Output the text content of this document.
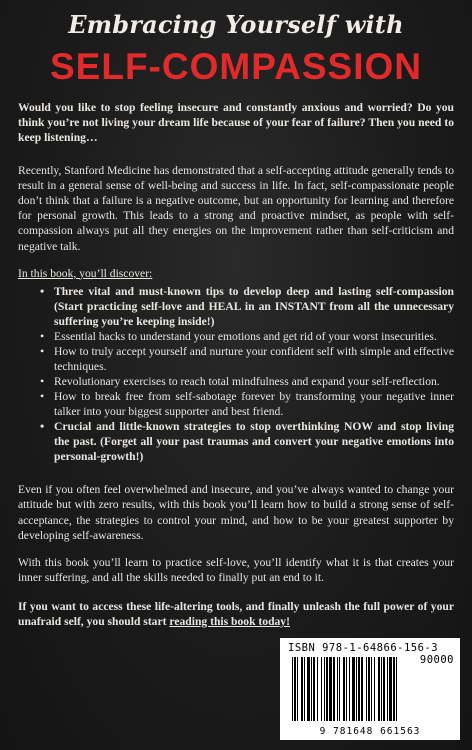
Embracing Yourself with
SELF-COMPASSION

Would you like to stop feeling insecure and constantly anxious and worried? Do you think you’re not living your dream life because of your fear of failure? Then you need to keep listening…

Recently, Stanford Medicine has demonstrated that a self-accepting attitude generally tends to result in a general sense of well-being and success in life. In fact, self-compassionate people don’t think that a failure is a negative outcome, but an opportunity for learning and therefore for personal growth. This leads to a strong and proactive mindset, as people with self-compassion always put all they energies on the improvement rather than self-criticism and negative talk.

In this book, you’ll discover:

• Three vital and must-known tips to develop deep and lasting self-compassion (Start practicing self-love and HEAL in an INSTANT from all the unnecessary suffering you’re keeping inside!)
• Essential hacks to understand your emotions and get rid of your worst insecurities.
• How to truly accept yourself and nurture your confident self with simple and effective techniques.
• Revolutionary exercises to reach total mindfulness and expand your self-reflection.
• How to break free from self-sabotage forever by transforming your negative inner talker into your biggest supporter and best friend.
• Crucial and little-known strategies to stop overthinking NOW and stop living the past. (Forget all your past traumas and convert your negative emotions into personal-growth!)

Even if you often feel overwhelmed and insecure, and you’ve always wanted to change your attitude but with zero results, with this book you’ll learn how to build a strong sense of self-acceptance, the strategies to control your mind, and how to be your greatest supporter by developing self-awareness.

With this book you’ll learn to practice self-love, you’ll identify what it is that creates your inner suffering, and all the skills needed to finally put an end to it.

If you want to access these life-altering tools, and finally unleash the full power of your unafraid self, you should start reading this book today!

ISBN 978-1-64866-156-3
90000
9 781648 661563
